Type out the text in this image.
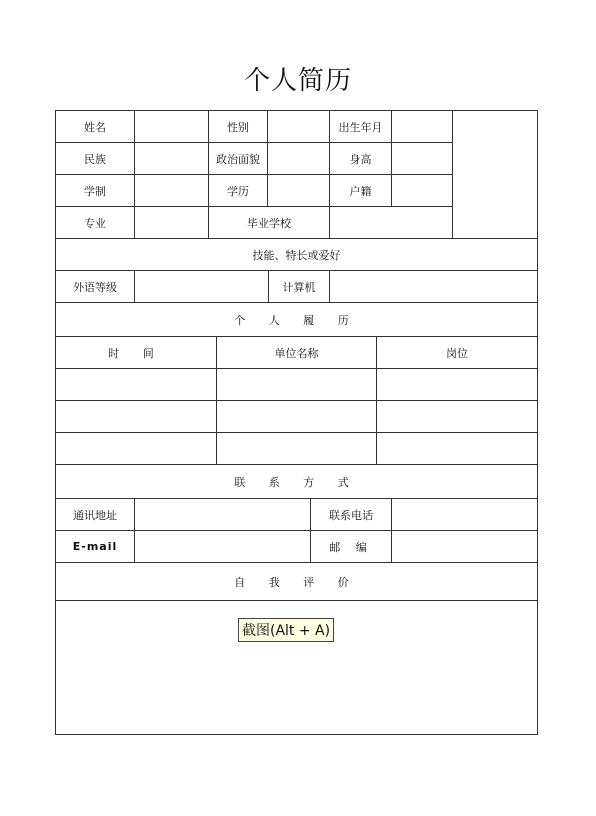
个人简历
姓名	性别	出生年月
民族	政治面貌	身高
学制	学历	户籍
专业	毕业学校
技能、特长或爱好
外语等级	计算机
个 人 履 历
时 间	单位名称	岗位
联 系 方 式
通讯地址	联系电话
E-mail	邮 编
自 我 评 价
截图(Alt + A)
